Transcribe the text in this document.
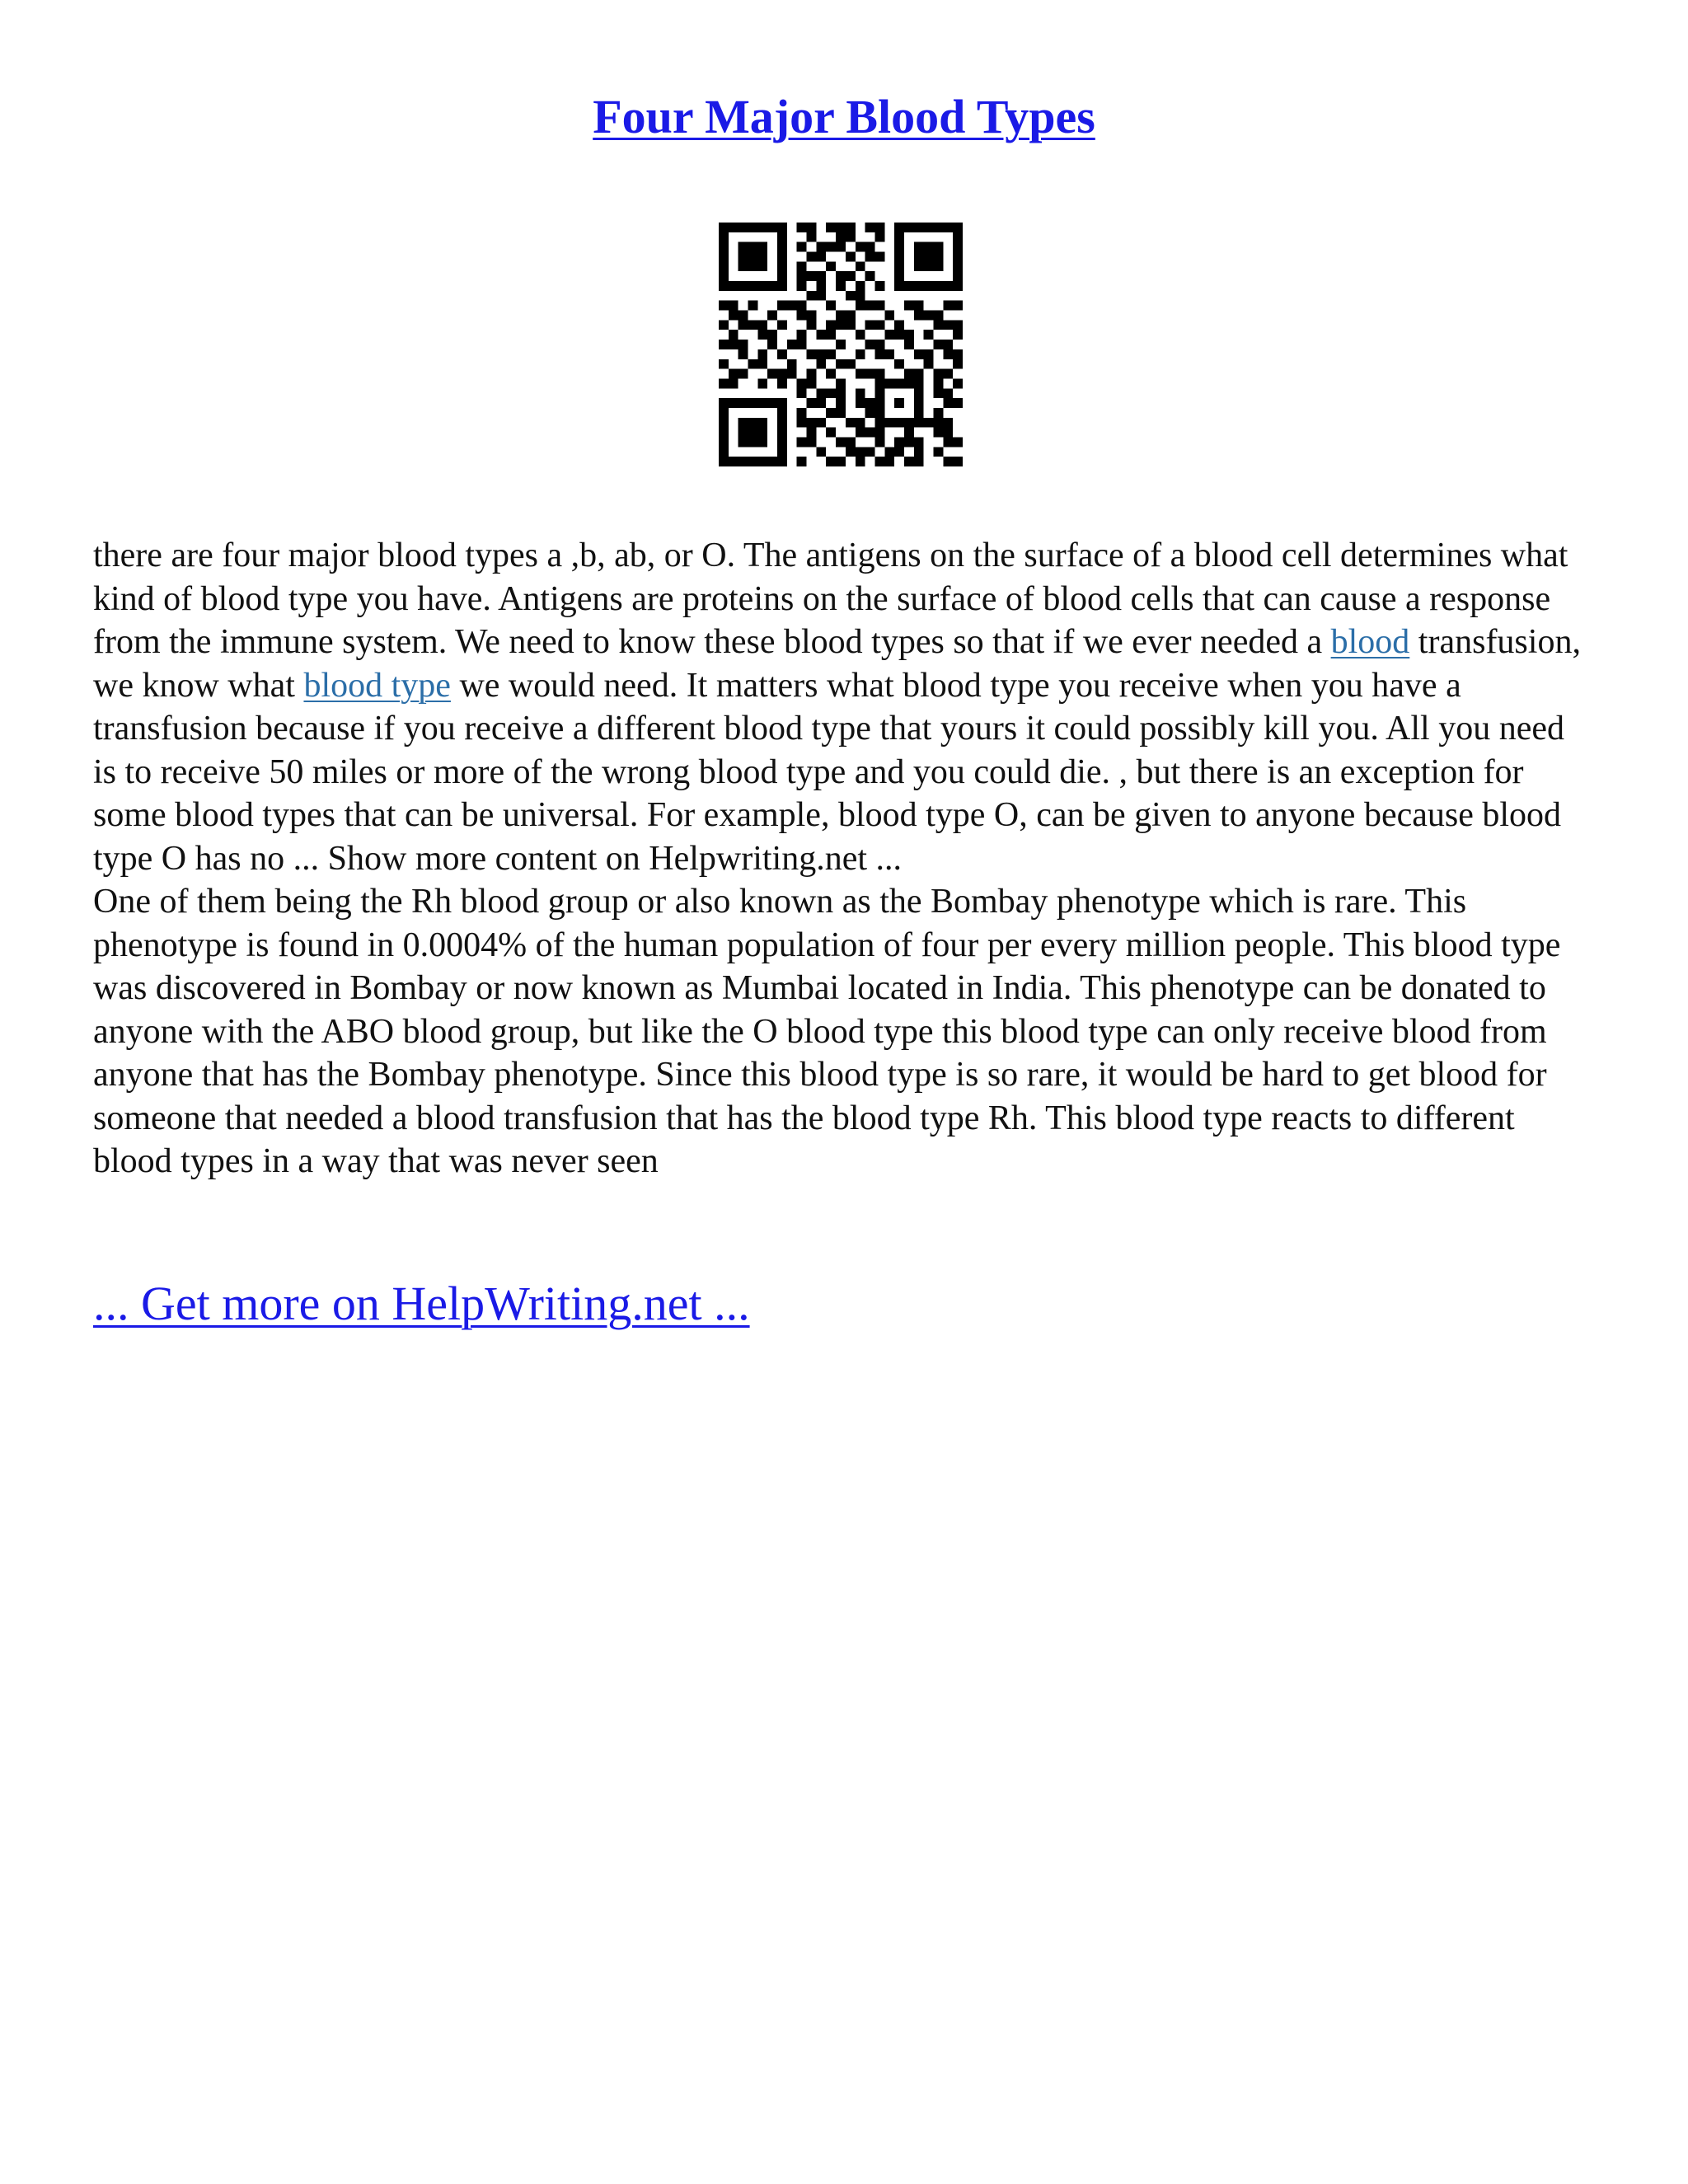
Four Major Blood Types

there are four major blood types a ,b, ab, or O. The antigens on the surface of a blood cell determines what kind of blood type you have. Antigens are proteins on the surface of blood cells that can cause a response from the immune system. We need to know these blood types so that if we ever needed a blood transfusion, we know what blood type we would need. It matters what blood type you receive when you have a transfusion because if you receive a different blood type that yours it could possibly kill you. All you need is to receive 50 miles or more of the wrong blood type and you could die. , but there is an exception for some blood types that can be universal. For example, blood type O, can be given to anyone because blood type O has no ... Show more content on Helpwriting.net ...

One of them being the Rh blood group or also known as the Bombay phenotype which is rare. This phenotype is found in 0.0004% of the human population of four per every million people. This blood type was discovered in Bombay or now known as Mumbai located in India. This phenotype can be donated to anyone with the ABO blood group, but like the O blood type this blood type can only receive blood from anyone that has the Bombay phenotype. Since this blood type is so rare, it would be hard to get blood for someone that needed a blood transfusion that has the blood type Rh. This blood type reacts to different blood types in a way that was never seen

... Get more on HelpWriting.net ...
